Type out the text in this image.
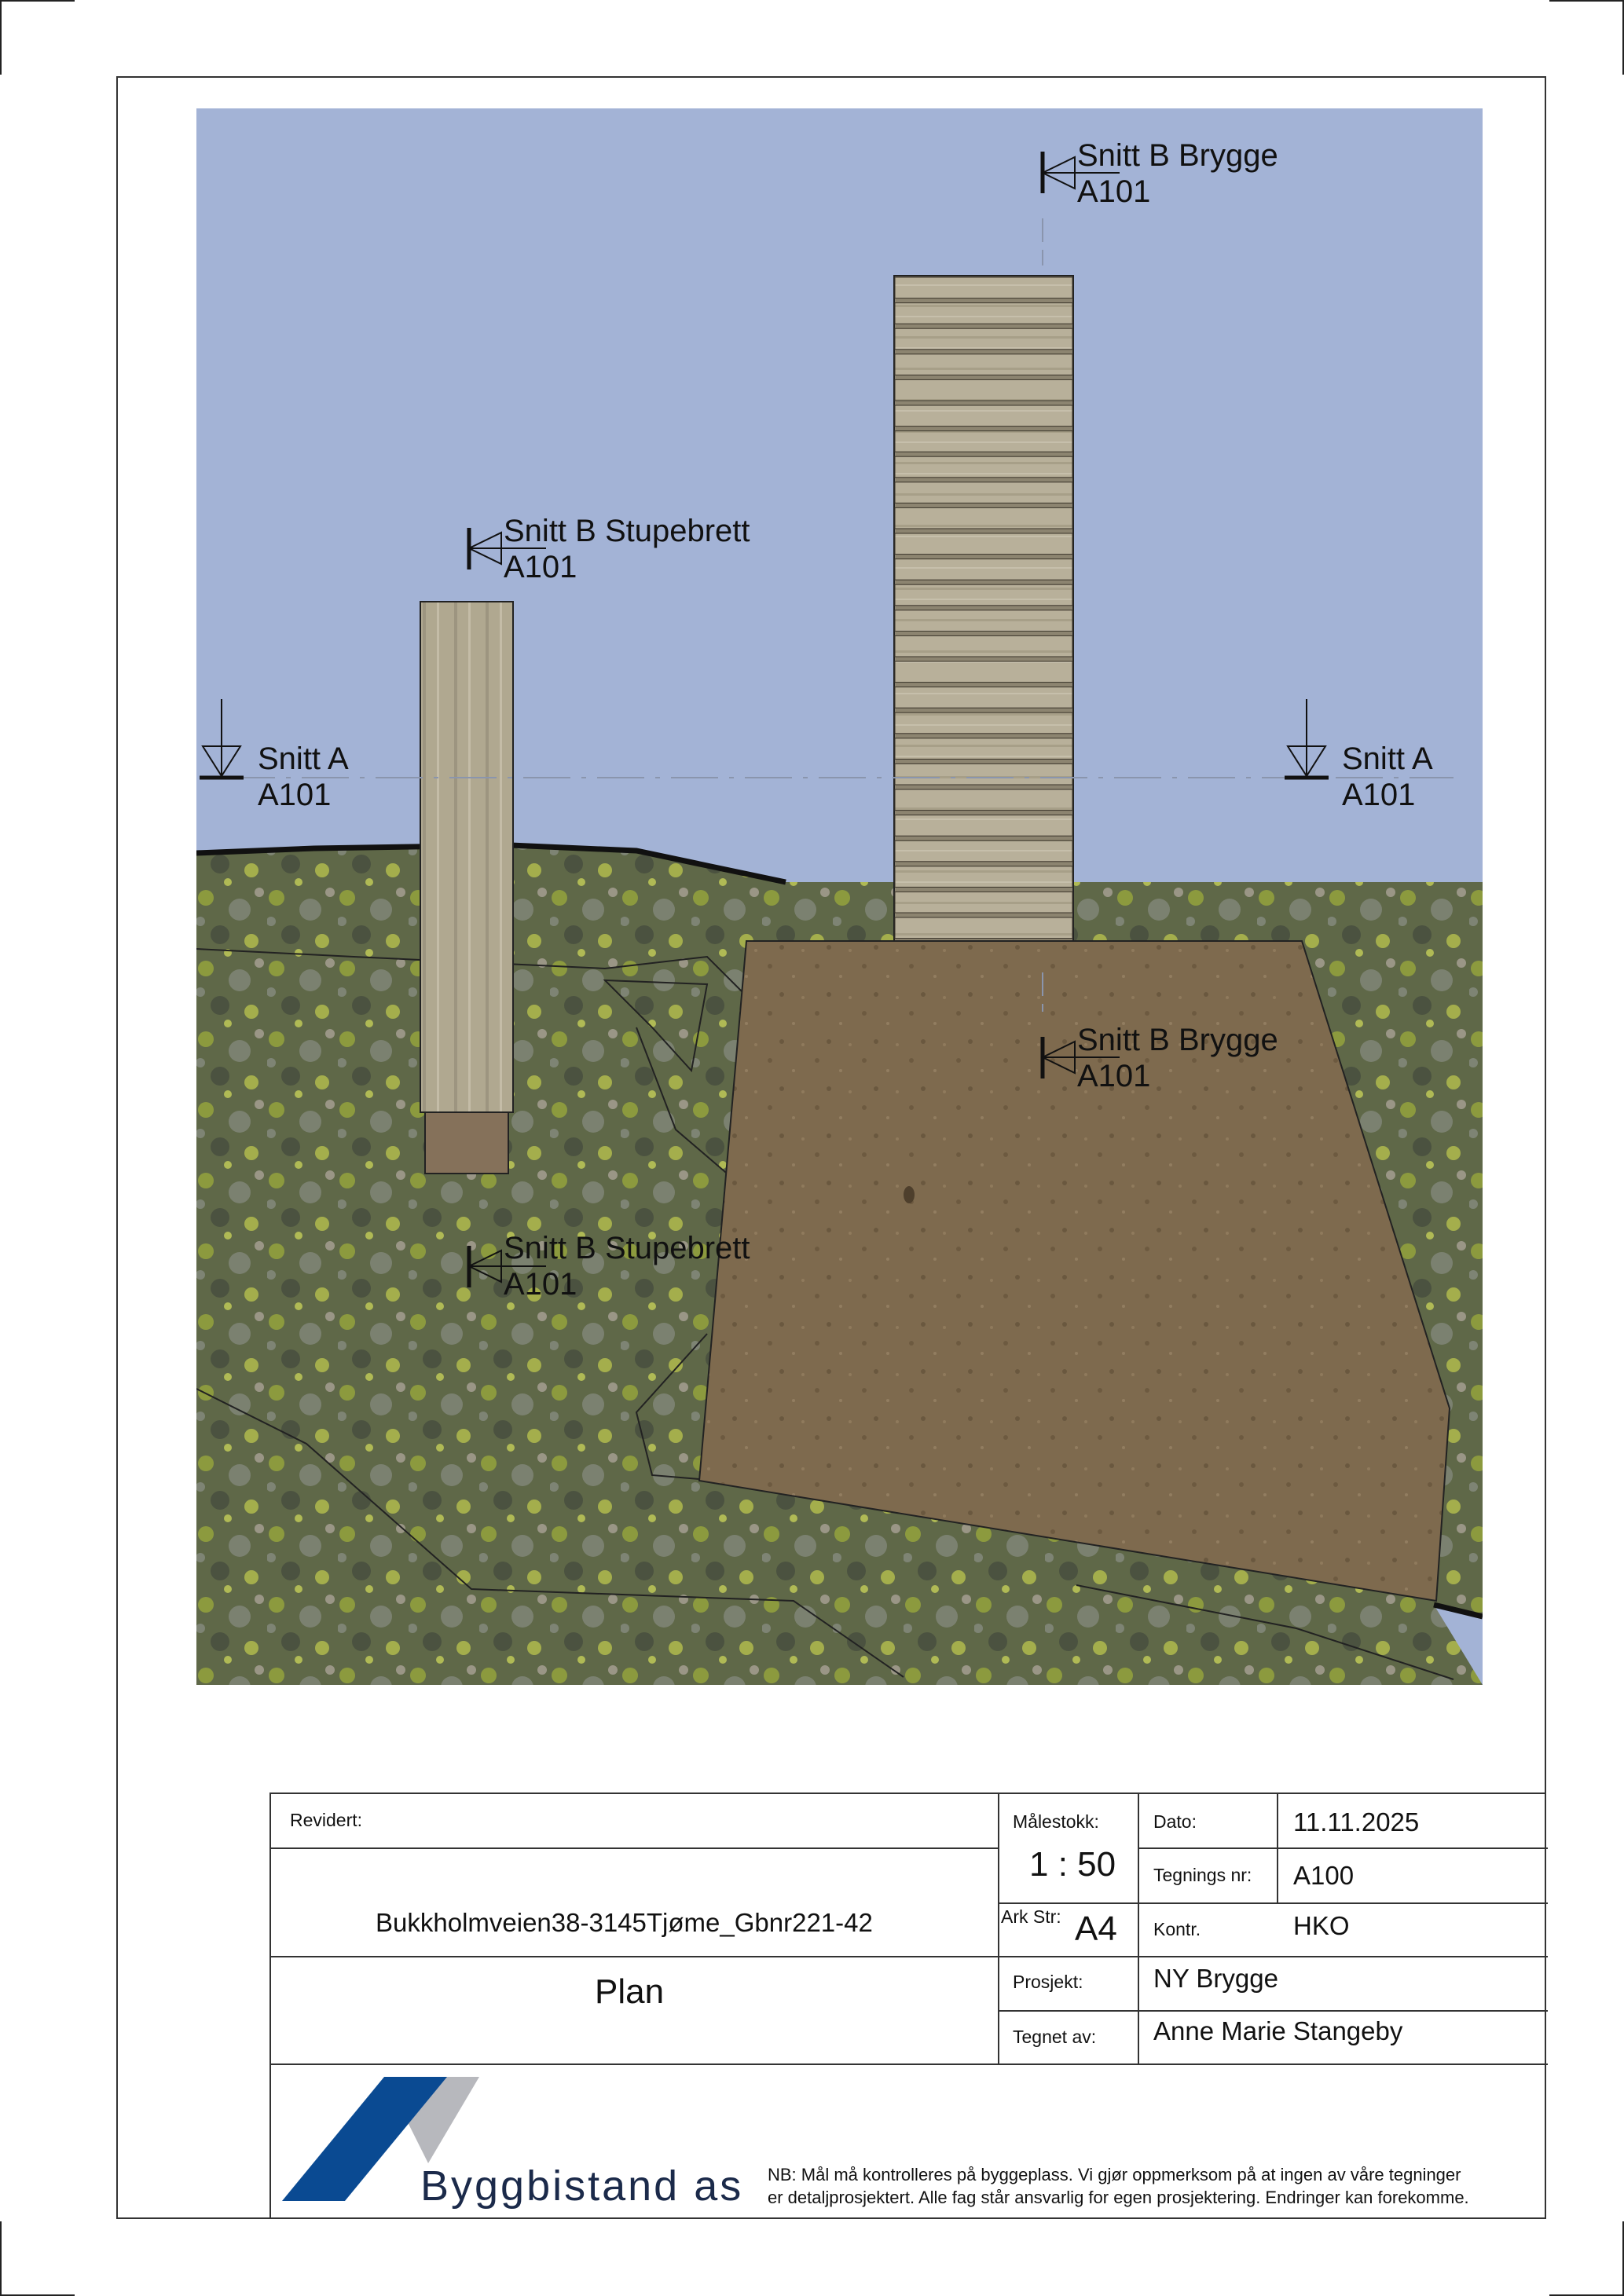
Snitt B Brygge
A101
Snitt B Stupebrett
A101
Snitt A
A101
Snitt A
A101
Snitt B Brygge
A101
Snitt B Stupebrett
A101
Revidert:
Bukkholmveien38-3145Tjøme_Gbnr221-42
Plan
Målestokk:
1 : 50
Ark Str: A4
Dato:	11.11.2025
Tegnings nr: A100
Kontr.	HKO
Prosjekt:	NY Brygge
Tegnet av: Anne Marie Stangeby
Byggbistand as NB: Mål må kontrolleres på byggeplass. Vi gjør oppmerksom på at ingen av våre tegninger
er detaljprosjektert. Alle fag står ansvarlig for egen prosjektering. Endringer kan forekomme.
